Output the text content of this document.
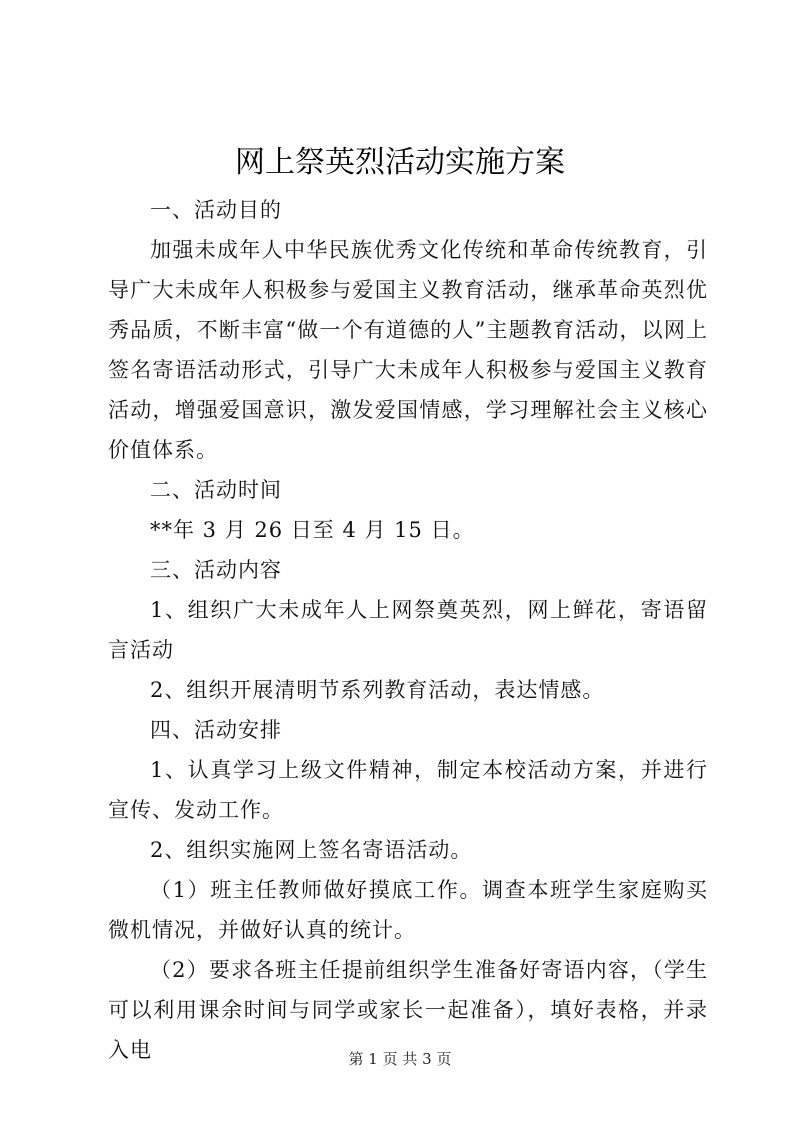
网上祭英烈活动实施方案

一、活动目的

加强未成年人中华民族优秀文化传统和革命传统教育，引导广大未成年人积极参与爱国主义教育活动，继承革命英烈优秀品质，不断丰富“做一个有道德的人”主题教育活动，以网上签名寄语活动形式，引导广大未成年人积极参与爱国主义教育活动，增强爱国意识，激发爱国情感，学习理解社会主义核心价值体系。

二、活动时间

**年 3 月 26 日至 4 月 15 日。

三、活动内容

1、组织广大未成年人上网祭奠英烈，网上鲜花，寄语留言活动

2、组织开展清明节系列教育活动，表达情感。

四、活动安排

1、认真学习上级文件精神，制定本校活动方案，并进行宣传、发动工作。

2、组织实施网上签名寄语活动。

（1）班主任教师做好摸底工作。调查本班学生家庭购买微机情况，并做好认真的统计。

（2）要求各班主任提前组织学生准备好寄语内容，（学生可以利用课余时间与同学或家长一起准备），填好表格，并录入电	第 1 页 共 3 页
